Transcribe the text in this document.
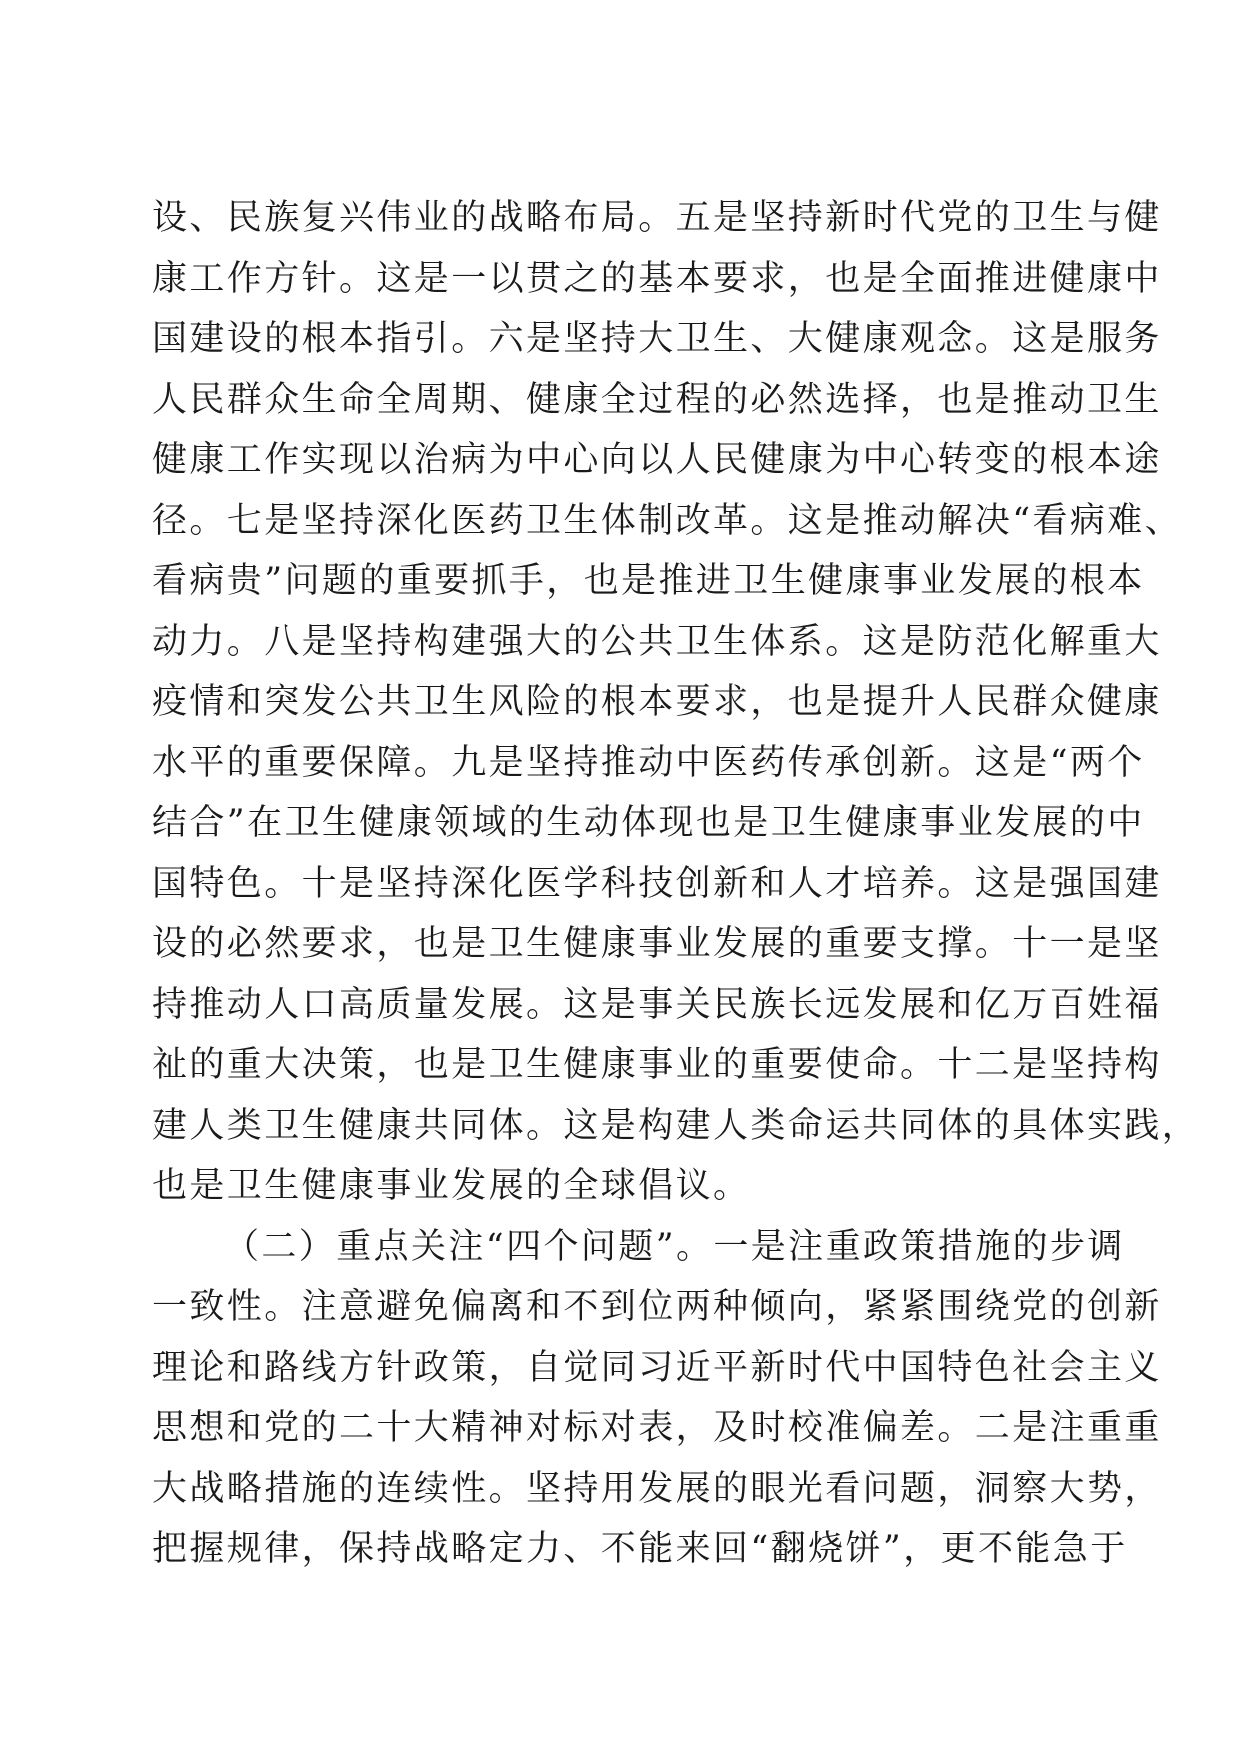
设、民族复兴伟业的战略布局。五是坚持新时代党的卫生与健
康工作方针。这是一以贯之的基本要求，也是全面推进健康中
国建设的根本指引。六是坚持大卫生、大健康观念。这是服务
人民群众生命全周期、健康全过程的必然选择，也是推动卫生
健康工作实现以治病为中心向以人民健康为中心转变的根本途
径。七是坚持深化医药卫生体制改革。这是推动解决“看病难、
看病贵”问题的重要抓手，也是推进卫生健康事业发展的根本
动力。八是坚持构建强大的公共卫生体系。这是防范化解重大
疫情和突发公共卫生风险的根本要求，也是提升人民群众健康
水平的重要保障。九是坚持推动中医药传承创新。这是“两个
结合”在卫生健康领域的生动体现也是卫生健康事业发展的中
国特色。十是坚持深化医学科技创新和人才培养。这是强国建
设的必然要求，也是卫生健康事业发展的重要支撑。十一是坚
持推动人口高质量发展。这是事关民族长远发展和亿万百姓福
祉的重大决策，也是卫生健康事业的重要使命。十二是坚持构
建人类卫生健康共同体。这是构建人类命运共同体的具体实践，
也是卫生健康事业发展的全球倡议。
（二）重点关注“四个问题”。一是注重政策措施的步调
一致性。注意避免偏离和不到位两种倾向，紧紧围绕党的创新
理论和路线方针政策，自觉同习近平新时代中国特色社会主义
思想和党的二十大精神对标对表，及时校准偏差。二是注重重
大战略措施的连续性。坚持用发展的眼光看问题，洞察大势，
把握规律，保持战略定力、不能来回“翻烧饼”，更不能急于
